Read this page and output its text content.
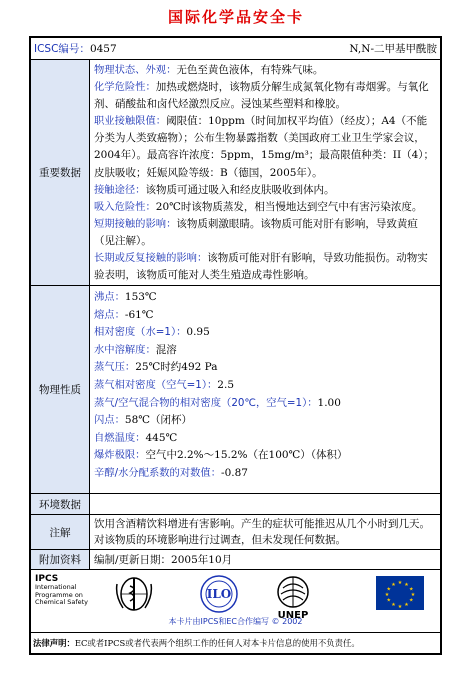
国际化学品安全卡
ICSC编号：0457	N,N-二甲基甲酰胺
重要数据
物理状态、外观：无色至黄色液体，有特殊气味。
化学危险性：加热或燃烧时，该物质分解生成氮氧化物有毒烟雾。与氧化剂、硝酸盐和卤代烃激烈反应。浸蚀某些塑料和橡胶。
职业接触限值：阈限值：10ppm（时间加权平均值）（经皮）；A4（不能分类为人类致癌物）；公布生物暴露指数（美国政府工业卫生学家会议，2004年）。最高容许浓度：5ppm，15mg/m³；最高限值种类：II（4）；皮肤吸收；妊娠风险等级：B（德国，2005年）。
接触途径：该物质可通过吸入和经皮肤吸收到体内。
吸入危险性：20℃时该物质蒸发，相当慢地达到空气中有害污染浓度。
短期接触的影响：该物质刺激眼睛。该物质可能对肝有影响，导致黄疸（见注解）。
长期或反复接触的影响：该物质可能对肝有影响，导致功能损伤。动物实验表明，该物质可能对人类生殖造成毒性影响。
物理性质
沸点：153℃
熔点：-61℃
相对密度（水=1）：0.95
水中溶解度：混溶
蒸气压：25℃时约492 Pa
蒸气相对密度（空气=1）：2.5
蒸气/空气混合物的相对密度（20℃，空气=1）：1.00
闪点：58℃（闭杯）
自燃温度：445℃
爆炸极限：空气中2.2%～15.2%（在100℃）（体积）
辛醇/水分配系数的对数值：-0.87
环境数据
注解
饮用含酒精饮料增进有害影响。产生的症状可能推迟从几个小时到几天。对该物质的环境影响进行过调查，但未发现任何数据。
附加资料	编制/更新日期：2005年10月
IPCS
International
Programme on
Chemical Safety
ILO
UNEP
★ ★
★
★
★
★
★
★
★
★
★
★
本卡片由IPCS和EC合作编写 © 2002
法律声明： EC或者IPCS或者代表两个组织工作的任何人对本卡片信息的使用不负责任。
